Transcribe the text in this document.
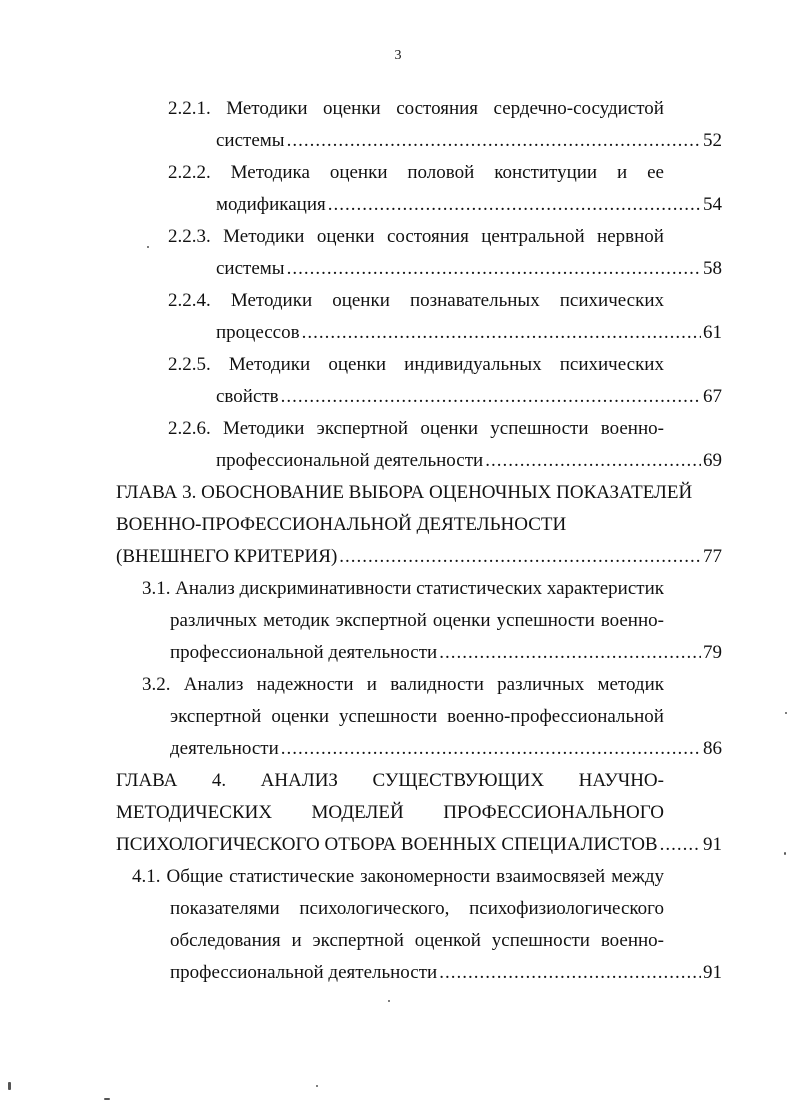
3
2.2.1. Методики оценки состояния сердечно-сосудистой
системы .....	52
2.2.2. Методика оценки половой конституции и ее
модификация .....	54
2.2.3. Методики оценки состояния центральной нервной
системы .....	58
2.2.4. Методики оценки познавательных психических
процессов .....	61
2.2.5. Методики оценки индивидуальных психических
свойств .....	67
2.2.6. Методики экспертной оценки успешности военно-
профессиональной деятельности .....	69
ГЛАВА 3. ОБОСНОВАНИЕ ВЫБОРА ОЦЕНОЧНЫХ ПОКАЗАТЕЛЕЙ
ВОЕННО-ПРОФЕССИОНАЛЬНОЙ ДЕЯТЕЛЬНОСТИ
(ВНЕШНЕГО КРИТЕРИЯ) .....	77
3.1. Анализ дискриминативности статистических характеристик
различных методик экспертной оценки успешности военно-
профессиональной деятельности .....	79
3.2. Анализ надежности и валидности различных методик
экспертной оценки успешности военно-профессиональной
деятельности .....	86
ГЛАВА 4. АНАЛИЗ СУЩЕСТВУЮЩИХ НАУЧНО-
МЕТОДИЧЕСКИХ МОДЕЛЕЙ ПРОФЕССИОНАЛЬНОГО
ПСИХОЛОГИЧЕСКОГО ОТБОРА ВОЕННЫХ СПЕЦИАЛИСТОВ ..... 91
4.1. Общие статистические закономерности взаимосвязей между
показателями психологического, психофизиологического
обследования и экспертной оценкой успешности военно-
профессиональной деятельности .....	91
